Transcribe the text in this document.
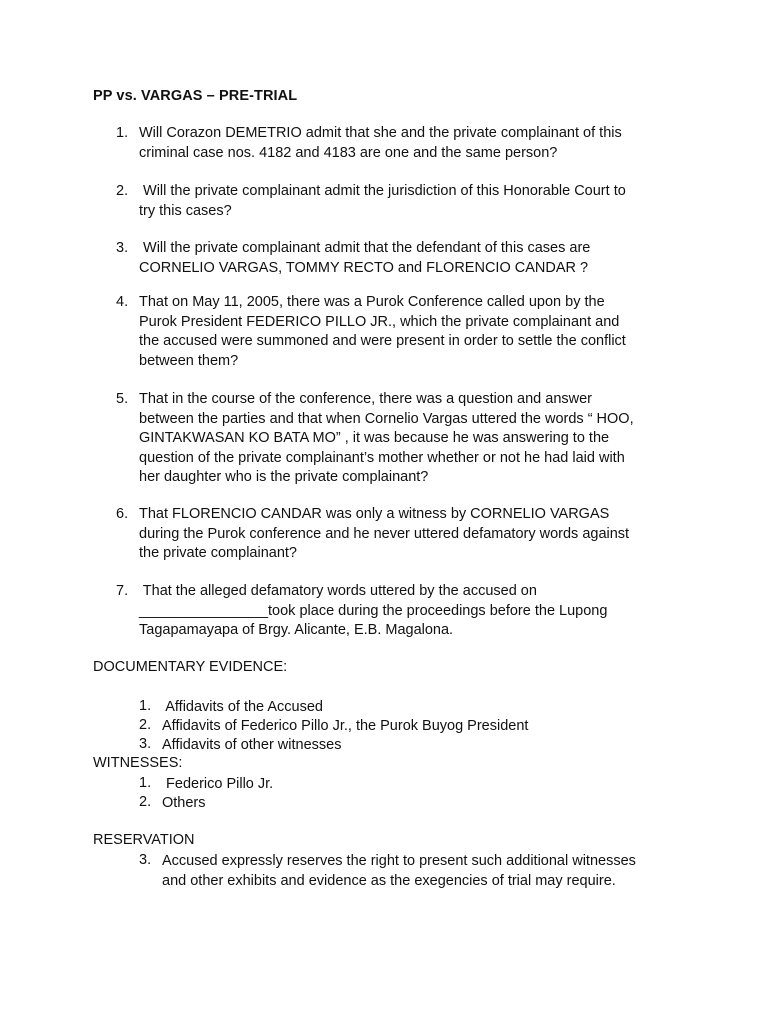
PP vs. VARGAS – PRE-TRIAL
1. Will Corazon DEMETRIO admit that she and the private complainant of this
criminal case nos. 4182 and 4183 are one and the same person?
2. Will the private complainant admit the jurisdiction of this Honorable Court to
try this cases?
3. Will the private complainant admit that the defendant of this cases are
CORNELIO VARGAS, TOMMY RECTO and FLORENCIO CANDAR ?
4. That on May 11, 2005, there was a Purok Conference called upon by the
Purok President FEDERICO PILLO JR., which the private complainant and
the accused were summoned and were present in order to settle the conflict
between them?
5. That in the course of the conference, there was a question and answer
between the parties and that when Cornelio Vargas uttered the words “ HOO,
GINTAKWASAN KO BATA MO” , it was because he was answering to the
question of the private complainant’s mother whether or not he had laid with
her daughter who is the private complainant?
6. That FLORENCIO CANDAR was only a witness by CORNELIO VARGAS
during the Purok conference and he never uttered defamatory words against
the private complainant?
7. That the alleged defamatory words uttered by the accused on
________________took place during the proceedings before the Lupong
Tagapamayapa of Brgy. Alicante, E.B. Magalona.
DOCUMENTARY EVIDENCE:
1. Affidavits of the Accused
2. Affidavits of Federico Pillo Jr., the Purok Buyog President
3. Affidavits of other witnesses
WITNESSES:
1. Federico Pillo Jr.
2. Others
RESERVATION
3. Accused expressly reserves the right to present such additional witnesses
and other exhibits and evidence as the exegencies of trial may require.
